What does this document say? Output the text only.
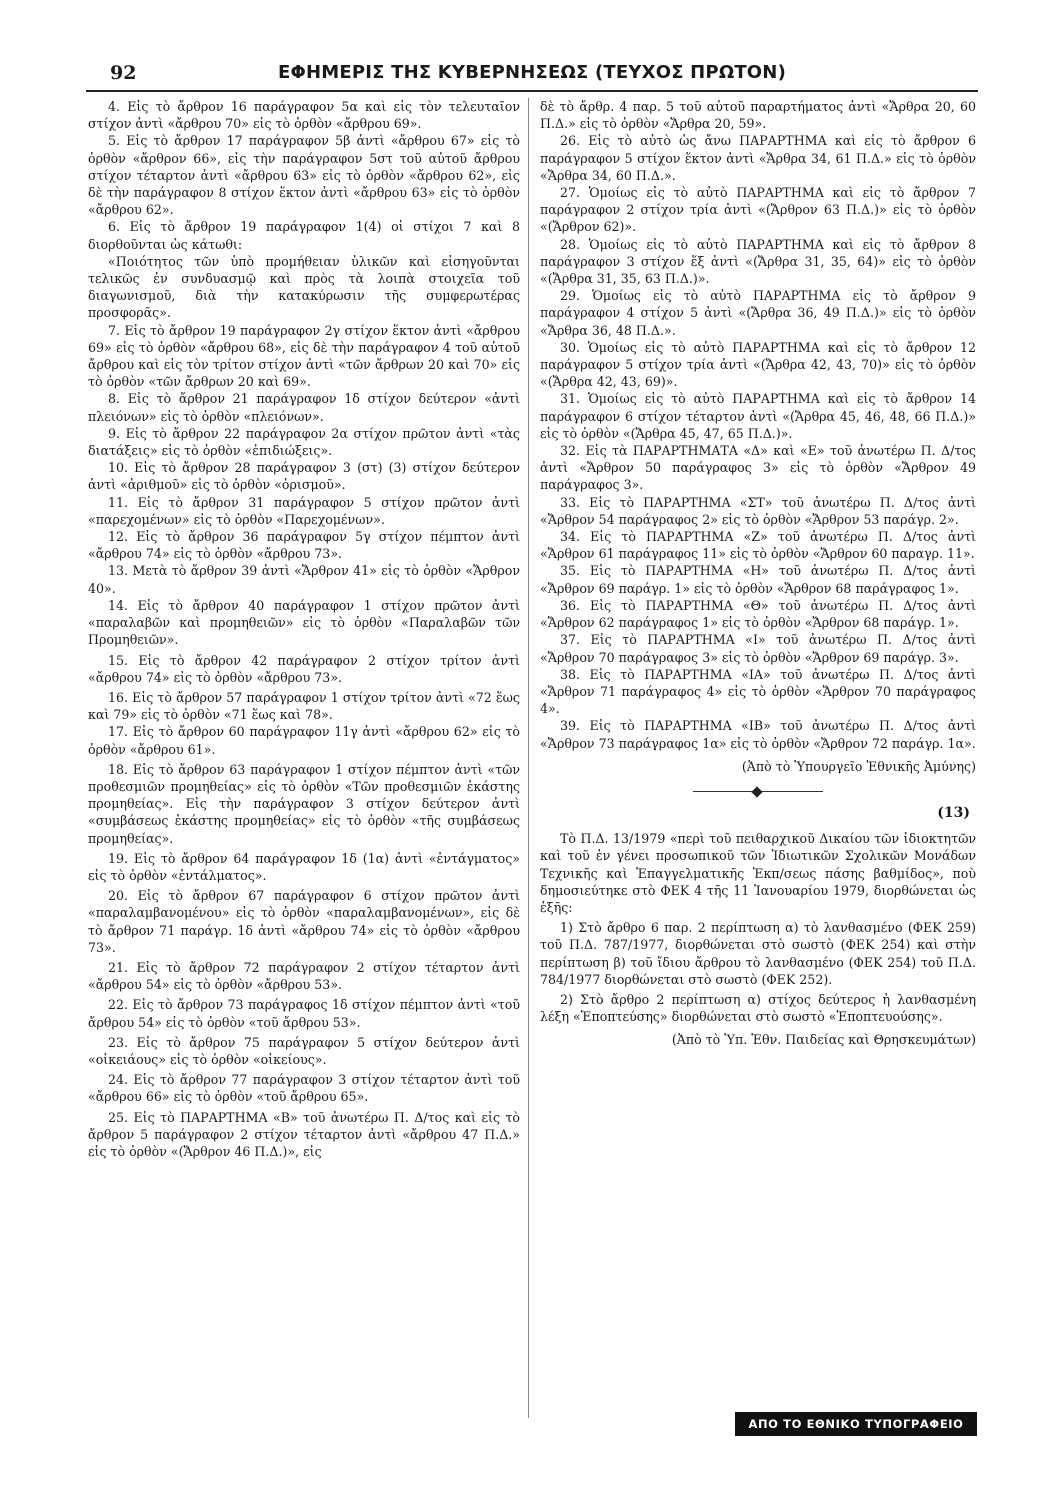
92	ΕΦΗΜΕΡΙΣ ΤΗΣ ΚΥΒΕΡΝΗΣΕΩΣ (ΤΕΥΧΟΣ ΠΡΩΤΟΝ)

4. Εἰς τὸ ἄρθρον 16 παράγραφον 5α καὶ εἰς τὸν τελευταῖον στίχον ἀντὶ «ἄρθρου 70» εἰς τὸ ὀρθὸν «ἄρθρου 69».

5. Εἰς τὸ ἄρθρον 17 παράγραφον 5β ἀντὶ «ἄρθρου 67» εἰς τὸ ὀρθὸν «ἄρθρον 66», εἰς τὴν παράγραφον 5στ τοῦ αὐτοῦ ἄρθρου στίχον τέταρτον ἀντὶ «ἄρθρου 63» εἰς τὸ ὀρθὸν «ἄρθρου 62», εἰς δὲ τὴν παράγραφον 8 στίχον ἕκτον ἀντὶ «ἄρθρου 63» εἰς τὸ ὀρθὸν «ἄρθρου 62».

6. Εἰς τὸ ἄρθρον 19 παράγραφον 1(4) οἱ στίχοι 7 καὶ 8 διορθοῦνται ὡς κάτωθι:

«Ποιότητος τῶν ὑπὸ προμήθειαν ὑλικῶν καὶ εἰσηγοῦνται τελικῶς ἐν συνδυασμῷ καὶ πρὸς τὰ λοιπὰ στοιχεῖα τοῦ διαγωνισμοῦ, διὰ τὴν κατακύρωσιν τῆς συμφερωτέρας προσφορᾶς».

7. Εἰς τὸ ἄρθρον 19 παράγραφον 2γ στίχον ἕκτον ἀντὶ «ἄρθρου 69» εἰς τὸ ὀρθὸν «ἄρθρου 68», εἰς δὲ τὴν παράγραφον 4 τοῦ αὐτοῦ ἄρθρου καὶ εἰς τὸν τρίτον στίχον ἀντὶ «τῶν ἄρθρων 20 καὶ 70» εἰς τὸ ὀρθὸν «τῶν ἄρθρων 20 καὶ 69».

8. Εἰς τὸ ἄρθρον 21 παράγραφον 1δ στίχον δεύτερον «ἀντὶ πλειόνων» εἰς τὸ ὀρθὸν «πλειόνων».

9. Εἰς τὸ ἄρθρον 22 παράγραφον 2α στίχον πρῶτον ἀντὶ «τὰς διατάξεις» εἰς τὸ ὀρθὸν «ἐπιδιώξεις».

10. Εἰς τὸ ἄρθρον 28 παράγραφον 3 (στ) (3) στίχον δεύτερον ἀντὶ «ἀριθμοῦ» εἰς τὸ ὀρθὸν «ὁρισμοῦ».

11. Εἰς τὸ ἄρθρον 31 παράγραφον 5 στίχον πρῶτον ἀντὶ «παρεχομένων» εἰς τὸ ὀρθὸν «Παρεχομένων».

12. Εἰς τὸ ἄρθρον 36 παράγραφον 5γ στίχον πέμπτον ἀντὶ «ἄρθρου 74» εἰς τὸ ὀρθὸν «ἄρθρου 73».

13. Μετὰ τὸ ἄρθρον 39 ἀντὶ «Ἄρθρον 41» εἰς τὸ ὀρθὸν «Ἄρθρον 40».

14. Εἰς τὸ ἄρθρον 40 παράγραφον 1 στίχον πρῶτον ἀντὶ «παραλαβῶν καὶ προμηθειῶν» εἰς τὸ ὀρθὸν «Παραλαβῶν τῶν Προμηθειῶν».

15. Εἰς τὸ ἄρθρον 42 παράγραφον 2 στίχον τρίτον ἀντὶ «ἄρθρου 74» εἰς τὸ ὀρθὸν «ἄρθρου 73».

16. Εἰς τὸ ἄρθρον 57 παράγραφον 1 στίχον τρίτον ἀντὶ «72 ἕως καὶ 79» εἰς τὸ ὀρθὸν «71 ἕως καὶ 78».

17. Εἰς τὸ ἄρθρον 60 παράγραφον 11γ ἀντὶ «ἄρθρου 62» εἰς τὸ ὀρθὸν «ἄρθρου 61».

18. Εἰς τὸ ἄρθρον 63 παράγραφον 1 στίχον πέμπτον ἀντὶ «τῶν προθεσμιῶν προμηθείας» εἰς τὸ ὀρθὸν «Τῶν προθεσμιῶν ἑκάστης προμηθείας». Εἰς τὴν παράγραφον 3 στίχον δεύτερον ἀντὶ «συμβάσεως ἑκάστης προμηθείας» εἰς τὸ ὀρθὸν «τῆς συμβάσεως προμηθείας».

19. Εἰς τὸ ἄρθρον 64 παράγραφον 1δ (1α) ἀντὶ «ἐντάγματος» εἰς τὸ ὀρθὸν «ἐντάλματος».

20. Εἰς τὸ ἄρθρον 67 παράγραφον 6 στίχον πρῶτον ἀντὶ «παραλαμβανομένου» εἰς τὸ ὀρθὸν «παραλαμβανομένων», εἰς δὲ τὸ ἄρθρον 71 παράγρ. 1δ ἀντὶ «ἄρθρου 74» εἰς τὸ ὀρθὸν «ἄρθρου 73».

21. Εἰς τὸ ἄρθρον 72 παράγραφον 2 στίχον τέταρτον ἀντὶ «ἄρθρου 54» εἰς τὸ ὀρθὸν «ἄρθρου 53».

22. Εἰς τὸ ἄρθρον 73 παράγραφος 1δ στίχον πέμπτον ἀντὶ «τοῦ ἄρθρου 54» εἰς τὸ ὀρθὸν «τοῦ ἄρθρου 53».

23. Εἰς τὸ ἄρθρον 75 παράγραφον 5 στίχον δεύτερον ἀντὶ «οἰκειάους» εἰς τὸ ὀρθὸν «οἰκείους».

24. Εἰς τὸ ἄρθρον 77 παράγραφον 3 στίχον τέταρτον ἀντὶ τοῦ «ἄρθρου 66» εἰς τὸ ὀρθὸν «τοῦ ἄρθρου 65».

25. Εἰς τὸ ΠΑΡΑΡΤΗΜΑ «Β» τοῦ ἀνωτέρω Π. Δ/τος καὶ εἰς τὸ ἄρθρον 5 παράγραφον 2 στίχον τέταρτον ἀντὶ «ἄρθρου 47 Π.Δ.» εἰς τὸ ὀρθὸν «(Ἄρθρον 46 Π.Δ.)», εἰς

δὲ τὸ ἄρθρ. 4 παρ. 5 τοῦ αὐτοῦ παραρτήματος ἀντὶ «Ἄρθρα 20, 60 Π.Δ.» εἰς τὸ ὀρθὸν «Ἄρθρα 20, 59».

26. Εἰς τὸ αὐτὸ ὡς ἄνω ΠΑΡΑΡΤΗΜΑ καὶ εἰς τὸ ἄρθρον 6 παράγραφον 5 στίχον ἕκτον ἀντὶ «Ἄρθρα 34, 61 Π.Δ.» εἰς τὸ ὀρθὸν «Ἄρθρα 34, 60 Π.Δ.».

27. Ὁμοίως εἰς τὸ αὐτὸ ΠΑΡΑΡΤΗΜΑ καὶ εἰς τὸ ἄρθρον 7 παράγραφον 2 στίχον τρία ἀντὶ «(Ἄρθρον 63 Π.Δ.)» εἰς τὸ ὀρθὸν «(Ἄρθρον 62)».

28. Ὁμοίως εἰς τὸ αὐτὸ ΠΑΡΑΡΤΗΜΑ καὶ εἰς τὸ ἄρθρον 8 παράγραφον 3 στίχον ἕξ ἀντὶ «(Ἄρθρα 31, 35, 64)» εἰς τὸ ὀρθὸν «(Ἄρθρα 31, 35, 63 Π.Δ.)».

29. Ὁμοίως εἰς τὸ αὐτὸ ΠΑΡΑΡΤΗΜΑ εἰς τὸ ἄρθρον 9 παράγραφον 4 στίχον 5 ἀντὶ «(Ἄρθρα 36, 49 Π.Δ.)» εἰς τὸ ὀρθὸν «Ἄρθρα 36, 48 Π.Δ.».

30. Ὁμοίως εἰς τὸ αὐτὸ ΠΑΡΑΡΤΗΜΑ καὶ εἰς τὸ ἄρθρον 12 παράγραφον 5 στίχον τρία ἀντὶ «(Ἄρθρα 42, 43, 70)» εἰς τὸ ὀρθὸν «(Ἄρθρα 42, 43, 69)».

31. Ὁμοίως εἰς τὸ αὐτὸ ΠΑΡΑΡΤΗΜΑ καὶ εἰς τὸ ἄρθρον 14 παράγραφον 6 στίχον τέταρτον ἀντὶ «(Ἄρθρα 45, 46, 48, 66 Π.Δ.)» εἰς τὸ ὀρθὸν «(Ἄρθρα 45, 47, 65 Π.Δ.)».

32. Εἰς τὰ ΠΑΡΑΡΤΗΜΑΤΑ «Δ» καὶ «Ε» τοῦ ἀνωτέρω Π. Δ/τος ἀντὶ «Ἄρθρον 50 παράγραφος 3» εἰς τὸ ὀρθὸν «Ἄρθρον 49 παράγραφος 3».

33. Εἰς τὸ ΠΑΡΑΡΤΗΜΑ «ΣΤ» τοῦ ἀνωτέρω Π. Δ/τος ἀντὶ «Ἄρθρον 54 παράγραφος 2» εἰς τὸ ὀρθὸν «Ἄρθρον 53 παράγρ. 2».

34. Εἰς τὸ ΠΑΡΑΡΤΗΜΑ «Ζ» τοῦ ἀνωτέρω Π. Δ/τος ἀντὶ «Ἄρθρον 61 παράγραφος 11» εἰς τὸ ὀρθὸν «Ἄρθρον 60 παραγρ. 11».

35. Εἰς τὸ ΠΑΡΑΡΤΗΜΑ «Η» τοῦ ἀνωτέρω Π. Δ/τος ἀντὶ «Ἄρθρον 69 παράγρ. 1» εἰς τὸ ὀρθὸν «Ἄρθρον 68 παράγραφος 1».

36. Εἰς τὸ ΠΑΡΑΡΤΗΜΑ «Θ» τοῦ ἀνωτέρω Π. Δ/τος ἀντὶ «Ἄρθρον 62 παράγραφος 1» εἰς τὸ ὀρθὸν «Ἄρθρον 68 παράγρ. 1».

37. Εἰς τὸ ΠΑΡΑΡΤΗΜΑ «Ι» τοῦ ἀνωτέρω Π. Δ/τος ἀντὶ «Ἄρθρον 70 παράγραφος 3» εἰς τὸ ὀρθὸν «Ἄρθρον 69 παράγρ. 3».

38. Εἰς τὸ ΠΑΡΑΡΤΗΜΑ «ΙΑ» τοῦ ἀνωτέρω Π. Δ/τος ἀντὶ «Ἄρθρον 71 παράγραφος 4» εἰς τὸ ὀρθὸν «Ἄρθρον 70 παράγραφος 4».

39. Εἰς τὸ ΠΑΡΑΡΤΗΜΑ «ΙΒ» τοῦ ἀνωτέρω Π. Δ/τος ἀντὶ «Ἄρθρον 73 παράγραφος 1α» εἰς τὸ ὀρθὸν «Ἄρθρον 72 παράγρ. 1α».

(Ἀπὸ τὸ Ὑπουργεῖο Ἐθνικῆς Ἀμύνης)

(13)

Τὸ Π.Δ. 13/1979 «περὶ τοῦ πειθαρχικοῦ Δικαίου τῶν ἰδιοκτητῶν καὶ τοῦ ἐν γένει προσωπικοῦ τῶν Ἰδιωτικῶν Σχολικῶν Μονάδων Τεχνικῆς καὶ Ἐπαγγελματικῆς Ἐκπ/σεως πάσης βαθμίδος», ποὺ δημοσιεύτηκε στὸ ΦΕΚ 4 τῆς 11 Ἰανουαρίου 1979, διορθώνεται ὡς ἑξῆς:

1) Στὸ ἄρθρο 6 παρ. 2 περίπτωση α) τὸ λανθασμένο (ΦΕΚ 259) τοῦ Π.Δ. 787/1977, διορθώνεται στὸ σωστὸ (ΦΕΚ 254) καὶ στὴν περίπτωση β) τοῦ ἴδιου ἄρθρου τὸ λανθασμένο (ΦΕΚ 254) τοῦ Π.Δ. 784/1977 διορθώνεται στὸ σωστὸ (ΦΕΚ 252).

2) Στὸ ἄρθρο 2 περίπτωση α) στίχος δεύτερος ἡ λανθασμένη λέξη «Ἐποπτεύσης» διορθώνεται στὸ σωστὸ «Ἐποπτευούσης».

(Ἀπὸ τὸ Ὑπ. Ἐθν. Παιδείας καὶ Θρησκευμάτων)

ΑΠΟ ΤΟ ΕΘΝΙΚΟ ΤΥΠΟΓΡΑΦΕΙΟ
